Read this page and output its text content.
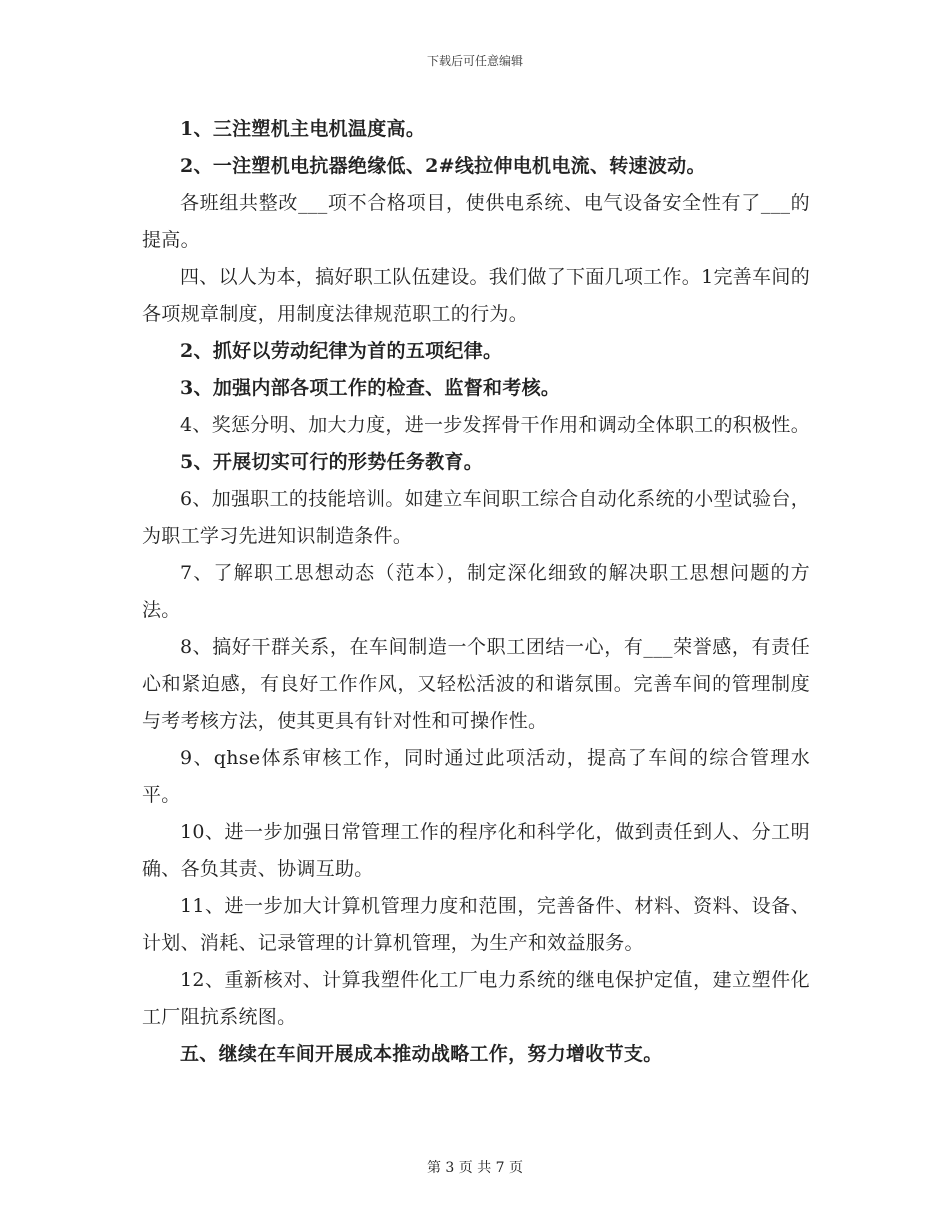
下载后可任意编辑

1、三注塑机主电机温度高。

2、一注塑机电抗器绝缘低、2#线拉伸电机电流、转速波动。

各班组共整改___项不合格项目，使供电系统、电气设备安全性有了___的提高。

四、以人为本，搞好职工队伍建设。我们做了下面几项工作。1完善车间的各项规章制度，用制度法律规范职工的行为。

2、抓好以劳动纪律为首的五项纪律。

3、加强内部各项工作的检查、监督和考核。

4、奖惩分明、加大力度，进一步发挥骨干作用和调动全体职工的积极性。

5、开展切实可行的形势任务教育。

6、加强职工的技能培训。如建立车间职工综合自动化系统的小型试验台，为职工学习先进知识制造条件。

7、了解职工思想动态（范本），制定深化细致的解决职工思想问题的方法。

8、搞好干群关系，在车间制造一个职工团结一心，有___荣誉感，有责任心和紧迫感，有良好工作作风，又轻松活波的和谐氛围。完善车间的管理制度与考考核方法，使其更具有针对性和可操作性。

9、qhse体系审核工作，同时通过此项活动，提高了车间的综合管理水平。

10、进一步加强日常管理工作的程序化和科学化，做到责任到人、分工明确、各负其责、协调互助。

11、进一步加大计算机管理力度和范围，完善备件、材料、资料、设备、计划、消耗、记录管理的计算机管理，为生产和效益服务。

12、重新核对、计算我塑件化工厂电力系统的继电保护定值，建立塑件化工厂阻抗系统图。

五、继续在车间开展成本推动战略工作，努力增收节支。

第 3 页 共 7 页
